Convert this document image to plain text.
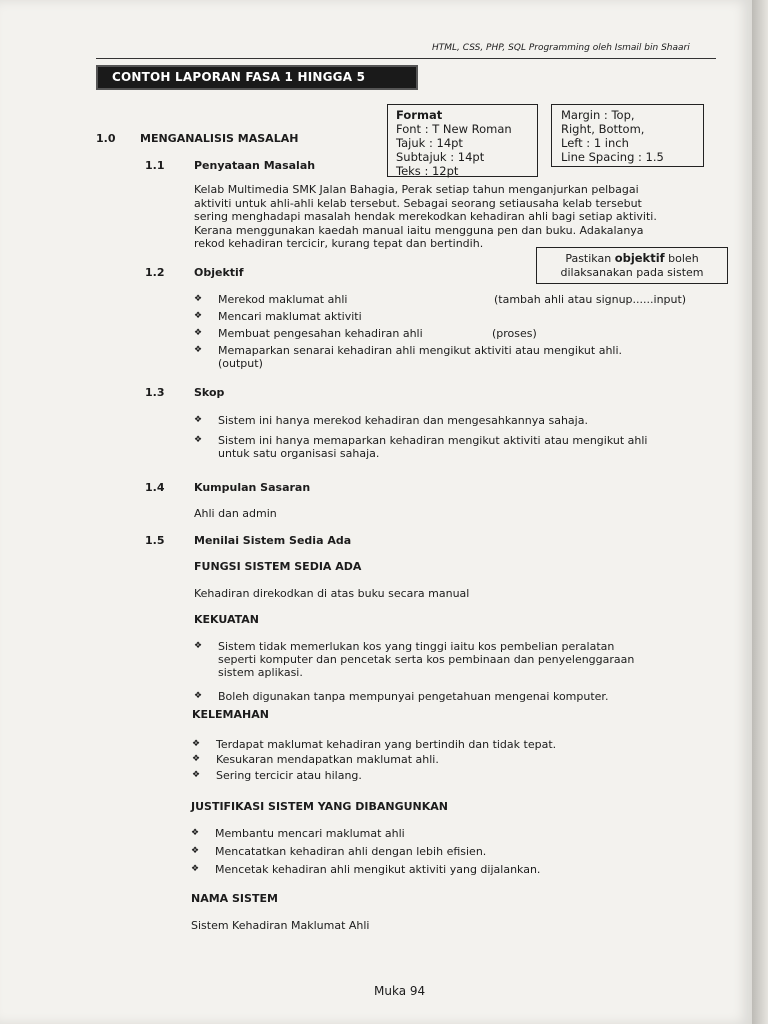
HTML, CSS, PHP, SQL Programming oleh Ismail bin Shaari
CONTOH LAPORAN FASA 1 HINGGA 5
Format
Font : T New Roman
Tajuk : 14pt
Subtajuk : 14pt
Teks : 12pt
Margin : Top,
Right, Bottom,
Left : 1 inch
Line Spacing : 1.5
1.0 MENGANALISIS MASALAH
1.1	Penyataan Masalah
Kelab Multimedia SMK Jalan Bahagia, Perak setiap tahun menganjurkan pelbagai
aktiviti untuk ahli-ahli kelab tersebut. Sebagai seorang setiausaha kelab tersebut
sering menghadapi masalah hendak merekodkan kehadiran ahli bagi setiap aktiviti.
Kerana menggunakan kaedah manual iaitu mengguna pen dan buku. Adakalanya
rekod kehadiran tercicir, kurang tepat dan bertindih.
Pastikan objektif boleh
dilaksanakan pada sistem
1.2	Objektif
❖ Merekod maklumat ahli	(tambah ahli atau signup......input)
❖ Mencari maklumat aktiviti
❖ Membuat pengesahan kehadiran ahli	(proses)
❖ Memaparkan senarai kehadiran ahli mengikut aktiviti atau mengikut ahli.
(output)
1.3	Skop
❖ Sistem ini hanya merekod kehadiran dan mengesahkannya sahaja.
❖ Sistem ini hanya memaparkan kehadiran mengikut aktiviti atau mengikut ahli
untuk satu organisasi sahaja.
1.4	Kumpulan Sasaran
Ahli dan admin
1.5	Menilai Sistem Sedia Ada
FUNGSI SISTEM SEDIA ADA
Kehadiran direkodkan di atas buku secara manual
KEKUATAN
❖ Sistem tidak memerlukan kos yang tinggi iaitu kos pembelian peralatan
seperti komputer dan pencetak serta kos pembinaan dan penyelenggaraan
sistem aplikasi.
❖ Boleh digunakan tanpa mempunyai pengetahuan mengenai komputer.
KELEMAHAN
❖ Terdapat maklumat kehadiran yang bertindih dan tidak tepat.
❖ Kesukaran mendapatkan maklumat ahli.
❖ Sering tercicir atau hilang.
JUSTIFIKASI SISTEM YANG DIBANGUNKAN
❖ Membantu mencari maklumat ahli
❖ Mencatatkan kehadiran ahli dengan lebih efisien.
❖ Mencetak kehadiran ahli mengikut aktiviti yang dijalankan.
NAMA SISTEM
Sistem Kehadiran Maklumat Ahli
Muka 94
